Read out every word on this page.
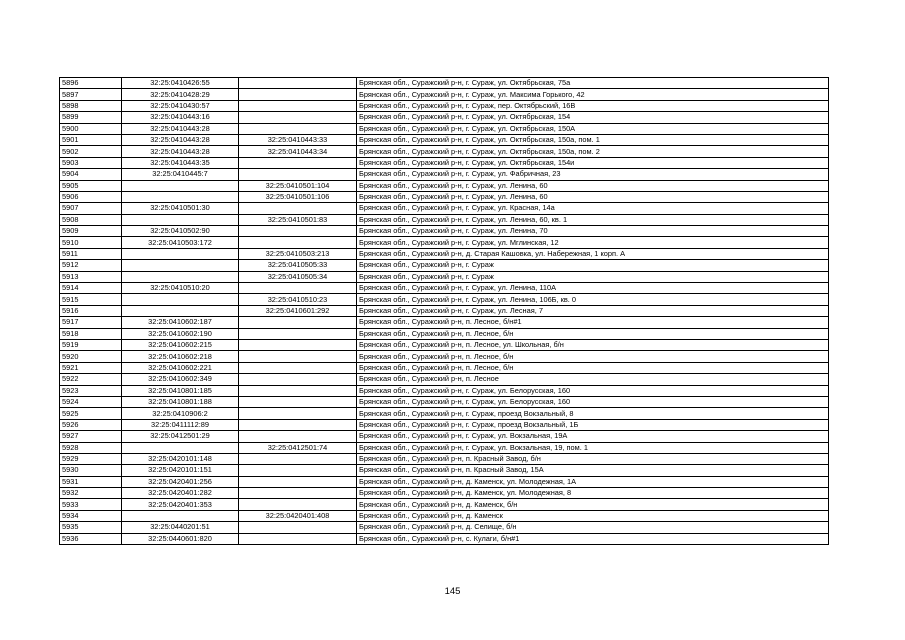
5896	32:25:0410426:55		Брянская обл., Суражский р-н, г. Сураж, ул. Октябрьская, 75а
5897	32:25:0410428:29		Брянская обл., Суражский р-н, г. Сураж, ул. Максима Горького, 42
5898	32:25:0410430:57		Брянская обл., Суражский р-н, г. Сураж, пер. Октябрьский, 16В
5899	32:25:0410443:16		Брянская обл., Суражский р-н, г. Сураж, ул. Октябрьская, 154
5900	32:25:0410443:28		Брянская обл., Суражский р-н, г. Сураж, ул. Октябрьская, 150А
5901	32:25:0410443:28	32:25:0410443:33	Брянская обл., Суражский р-н, г. Сураж, ул. Октябрьская, 150а, пом. 1
5902	32:25:0410443:28	32:25:0410443:34	Брянская обл., Суражский р-н, г. Сураж, ул. Октябрьская, 150а, пом. 2
5903	32:25:0410443:35		Брянская обл., Суражский р-н, г. Сураж, ул. Октябрьская, 154и
5904	32:25:0410445:7		Брянская обл., Суражский р-н, г. Сураж, ул. Фабричная, 23
5905		32:25:0410501:104	Брянская обл., Суражский р-н, г. Сураж, ул. Ленина, 60
5906		32:25:0410501:106	Брянская обл., Суражский р-н, г. Сураж, ул. Ленина, 60
5907	32:25:0410501:30		Брянская обл., Суражский р-н, г. Сураж, ул. Красная, 14а
5908		32:25:0410501:83	Брянская обл., Суражский р-н, г. Сураж, ул. Ленина, 60, кв. 1
5909	32:25:0410502:90		Брянская обл., Суражский р-н, г. Сураж, ул. Ленина, 70
5910	32:25:0410503:172		Брянская обл., Суражский р-н, г. Сураж, ул. Мглинская, 12
5911		32:25:0410503:213	Брянская обл., Суражский р-н, д. Старая Кашовка, ул. Набережная, 1 корп. А
5912		32:25:0410505:33	Брянская обл., Суражский р-н, г. Сураж
5913		32:25:0410505:34	Брянская обл., Суражский р-н, г. Сураж
5914	32:25:0410510:20		Брянская обл., Суражский р-н, г. Сураж, ул. Ленина, 110А
5915		32:25:0410510:23	Брянская обл., Суражский р-н, г. Сураж, ул. Ленина, 106Б, кв. 0
5916		32:25:0410601:292	Брянская обл., Суражский р-н, г. Сураж, ул. Лесная, 7
5917	32:25:0410602:187		Брянская обл., Суражский р-н, п. Лесное, б/н#1
5918	32:25:0410602:190		Брянская обл., Суражский р-н, п. Лесное, б/н
5919	32:25:0410602:215		Брянская обл., Суражский р-н, п. Лесное, ул. Школьная, б/н
5920	32:25:0410602:218		Брянская обл., Суражский р-н, п. Лесное, б/н
5921	32:25:0410602:221		Брянская обл., Суражский р-н, п. Лесное, б/н
5922	32:25:0410602:349		Брянская обл., Суражский р-н, п. Лесное
5923	32:25:0410801:185		Брянская обл., Суражский р-н, г. Сураж, ул. Белорусская, 160
5924	32:25:0410801:188		Брянская обл., Суражский р-н, г. Сураж, ул. Белорусская, 160
5925	32:25:0410906:2		Брянская обл., Суражский р-н, г. Сураж, проезд Вокзальный, 8
5926	32:25:0411112:89		Брянская обл., Суражский р-н, г. Сураж, проезд Вокзальный, 1Б
5927	32:25:0412501:29		Брянская обл., Суражский р-н, г. Сураж, ул. Вокзальная, 19А
5928		32:25:0412501:74	Брянская обл., Суражский р-н, г. Сураж, ул. Вокзальная, 19, пом. 1
5929	32:25:0420101:148		Брянская обл., Суражский р-н, п. Красный Завод, б/н
5930	32:25:0420101:151		Брянская обл., Суражский р-н, п. Красный Завод, 15А
5931	32:25:0420401:256		Брянская обл., Суражский р-н, д. Каменск, ул. Молодежная, 1А
5932	32:25:0420401:282		Брянская обл., Суражский р-н, д. Каменск, ул. Молодежная, 8
5933	32:25:0420401:353		Брянская обл., Суражский р-н, д. Каменск, б/н
5934		32:25:0420401:408	Брянская обл., Суражский р-н, д. Каменск
5935	32:25:0440201:51		Брянская обл., Суражский р-н, д. Селище, б/н
5936	32:25:0440601:820		Брянская обл., Суражский р-н, с. Кулаги, б/н#1
145
